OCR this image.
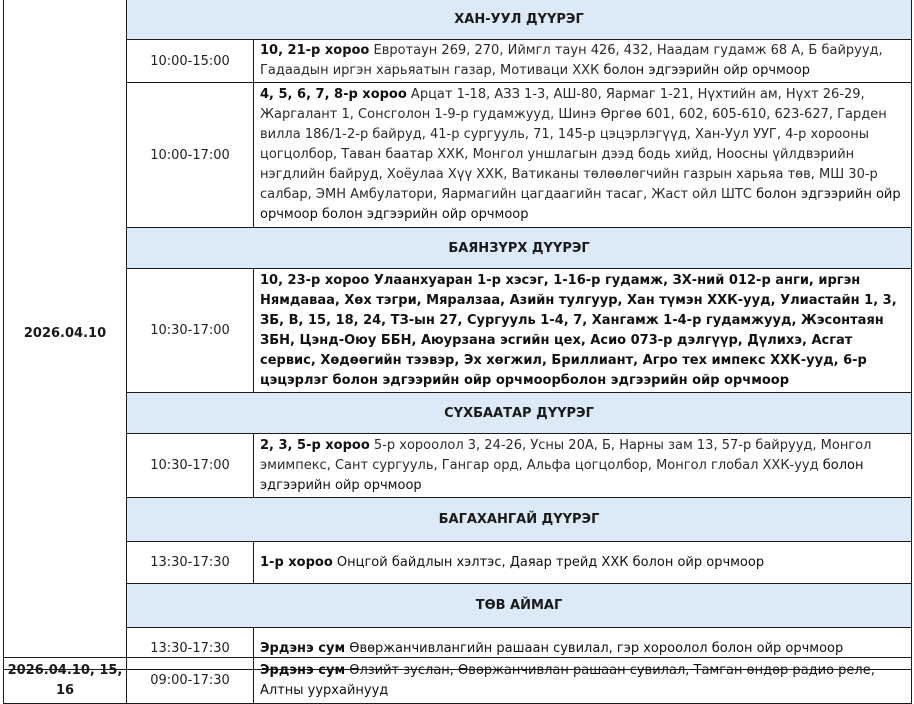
2026.04.10	ХАН-УУЛ ДҮҮРЭГ	
	10:00-15:00	10, 21-р хороо Евротаун 269, 270, Иймгл таун 426, 432, Наадам гудамж 68 А, Б байрууд, Гадаадын иргэн харьяатын газар, Мотиваци ХХК болон эдгээрийн ойр орчмоор
	10:00-17:00	4, 5, 6, 7, 8-р хороо Арцат 1-18, АЗЗ 1-3, АШ-80, Яармаг 1-21, Нүхтийн ам, Нүхт 26-29, Жаргалант 1, Сонсголон 1-9-р гудамжууд, Шинэ Өргөө 601, 602, 605-610, 623-627, Гарден вилла 186/1-2-р байруд, 41-р сургууль, 71, 145-р цэцэрлэгүүд, Хан-Уул УУГ, 4-р хорооны цогцолбор, Таван баатар ХХК, Монгол уншлагын дээд бодь хийд, Ноосны үйлдвэрийн нэгдлийн байруд, Хоёулаа Хүү ХХК, Ватиканы төлөөлөгчийн газрын харьяа төв, МШ 30-р салбар, ЭМН Амбулатори, Яармагийн цагдаагийн тасаг, Жаст ойл ШТС болон эдгээрийн ойр орчмоор болон эдгээрийн ойр орчмоор
	БАЯНЗҮРХ ДҮҮРЭГ	
	10:30-17:00	10, 23-р хороо Улаанхуаран 1-р хэсэг, 1-16-р гудамж, ЗХ-ний 012-р анги, иргэн Нямдаваа, Хөх тэгри, Мяралзаа, Азийн тулгуур, Хан түмэн ХХК-ууд, Улиастайн 1, 3, ЗБ, В, 15, 18, 24, ТЗ-ын 27, Сургууль 1-4, 7, Хангамж 1-4-р гудамжууд, Жэсонтаян ЗБН, Цэнд-Оюу ББН, Аюурзана эсгийн цех, Асио 073-р дэлгүүр, Дүлихэ, Асгат сервис, Хөдөөгийн тээвэр, Эх хөгжил, Бриллиант, Агро тех импекс ХХК-ууд, 6-р цэцэрлэг болон эдгээрийн ойр орчмоорболон эдгээрийн ойр орчмоор
	СҮХБААТАР ДҮҮРЭГ	
	10:30-17:00	2, 3, 5-р хороо 5-р хороолол 3, 24-26, Усны 20А, Б, Нарны зам 13, 57-р байрууд, Монгол эмимпекс, Сант сургууль, Гангар орд, Альфа цогцолбор, Монгол глобал ХХК-ууд болон эдгээрийн ойр орчмоор
	БАГАХАНГАЙ ДҮҮРЭГ	
	13:30-17:30	1-р хороо Онцгой байдлын хэлтэс, Даяар трейд ХХК болон ойр орчмоор
	ТӨВ АЙМАГ	
	13:30-17:30	Эрдэнэ сум Өвөржанчивлангийн рашаан сувилал, гэр хороолол болон ойр орчмоор
2026.04.10, 15, 16	09:00-17:30	Эрдэнэ сум Өлзийт зуслан, Өвөржанчивлан рашаан сувилал, Тамган өндөр радио реле, Алтны уурхайнууд
